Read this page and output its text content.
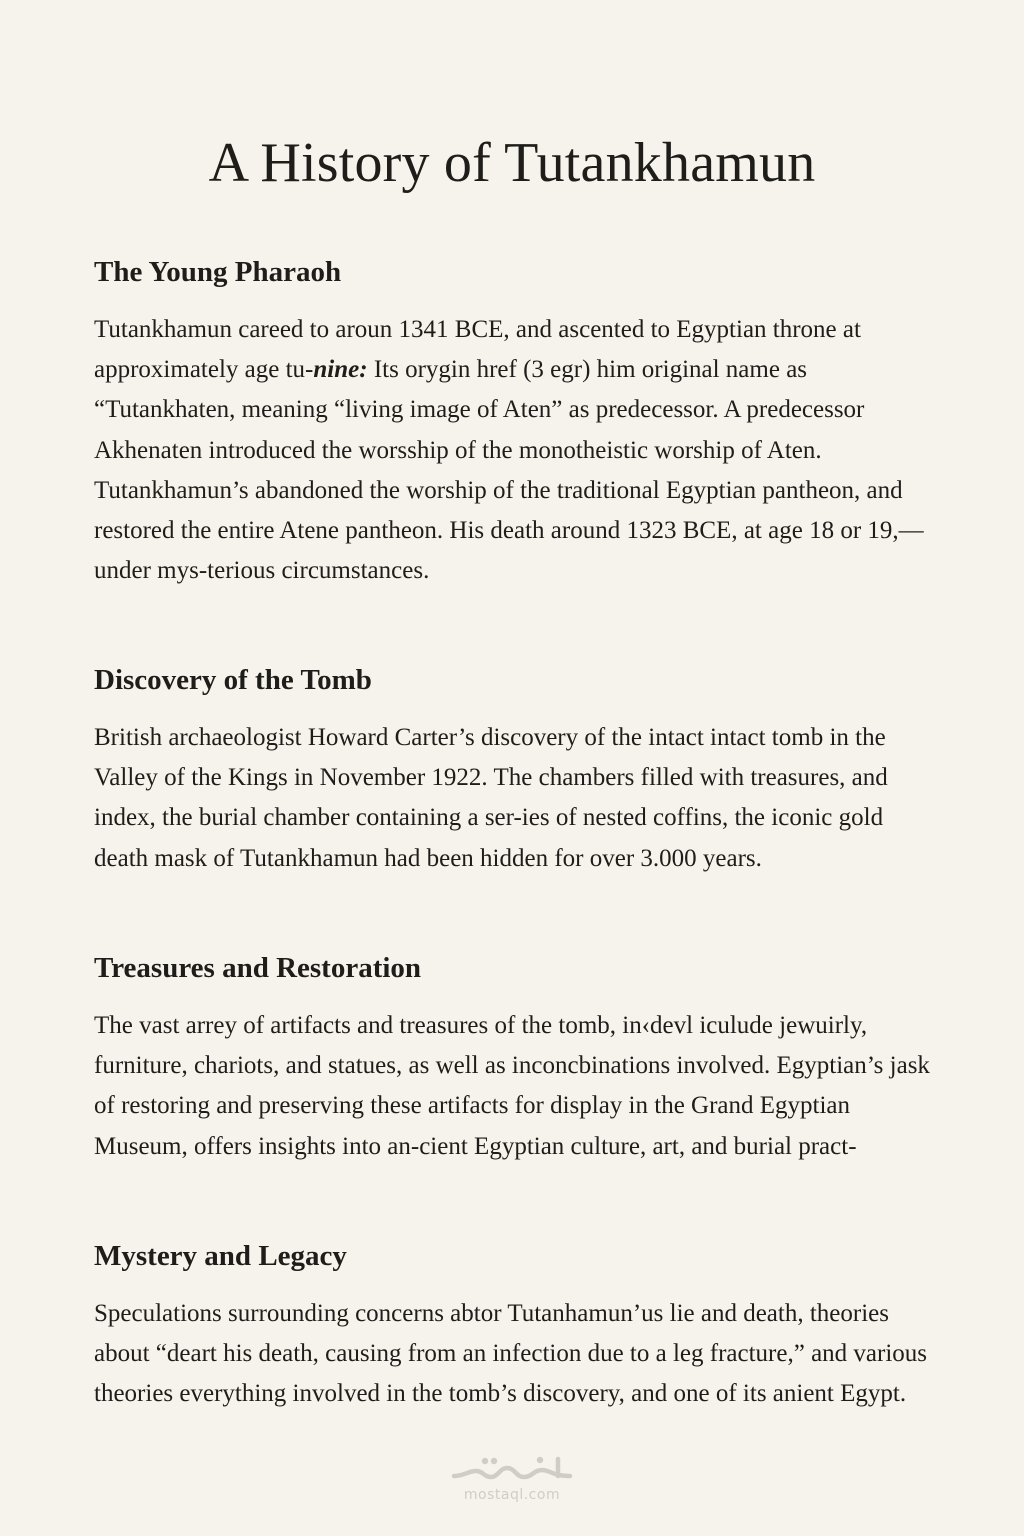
A History of Tutankhamun
The Young Pharaoh

Tutankhamun careed to aroun 1341 BCE, and ascented to Egyptian throne at approximately age tu-nine: Its orygin href (3 egr) him original name as “Tutankhaten, meaning “living image of Aten” as predecessor. A predecessor Akhenaten introduced the worsship of the monotheistic worship of Aten. Tutankhamun’s abandoned the worship of the traditional Egyptian pantheon, and restored the entire Atene pantheon. His death around 1323 BCE, at age 18 or 19,—under mys-terious circumstances.

Discovery of the Tomb

British archaeologist Howard Carter’s discovery of the intact intact tomb in the Valley of the Kings in November 1922. The chambers filled with treasures, and index, the burial chamber containing a ser-ies of nested coffins, the iconic gold death mask of Tutankhamun had been hidden for over 3.000 years.

Treasures and Restoration

The vast arrey of artifacts and treasures of the tomb, in‹devl iculude jewuirly, furniture, chariots, and statues, as well as inconcbinations involved. Egyptian’s jask of restoring and preserving these artifacts for display in the Grand Egyptian Museum, offers insights into an-cient Egyptian culture, art, and burial pract-

Mystery and Legacy

Speculations surrounding concerns abtor Tutanhamun’us lie and death, theories about “deart his death, causing from an infection due to a leg fracture,” and various theories everything involved in the tomb’s discovery, and one of its anient Egypt.

mostaql.com
